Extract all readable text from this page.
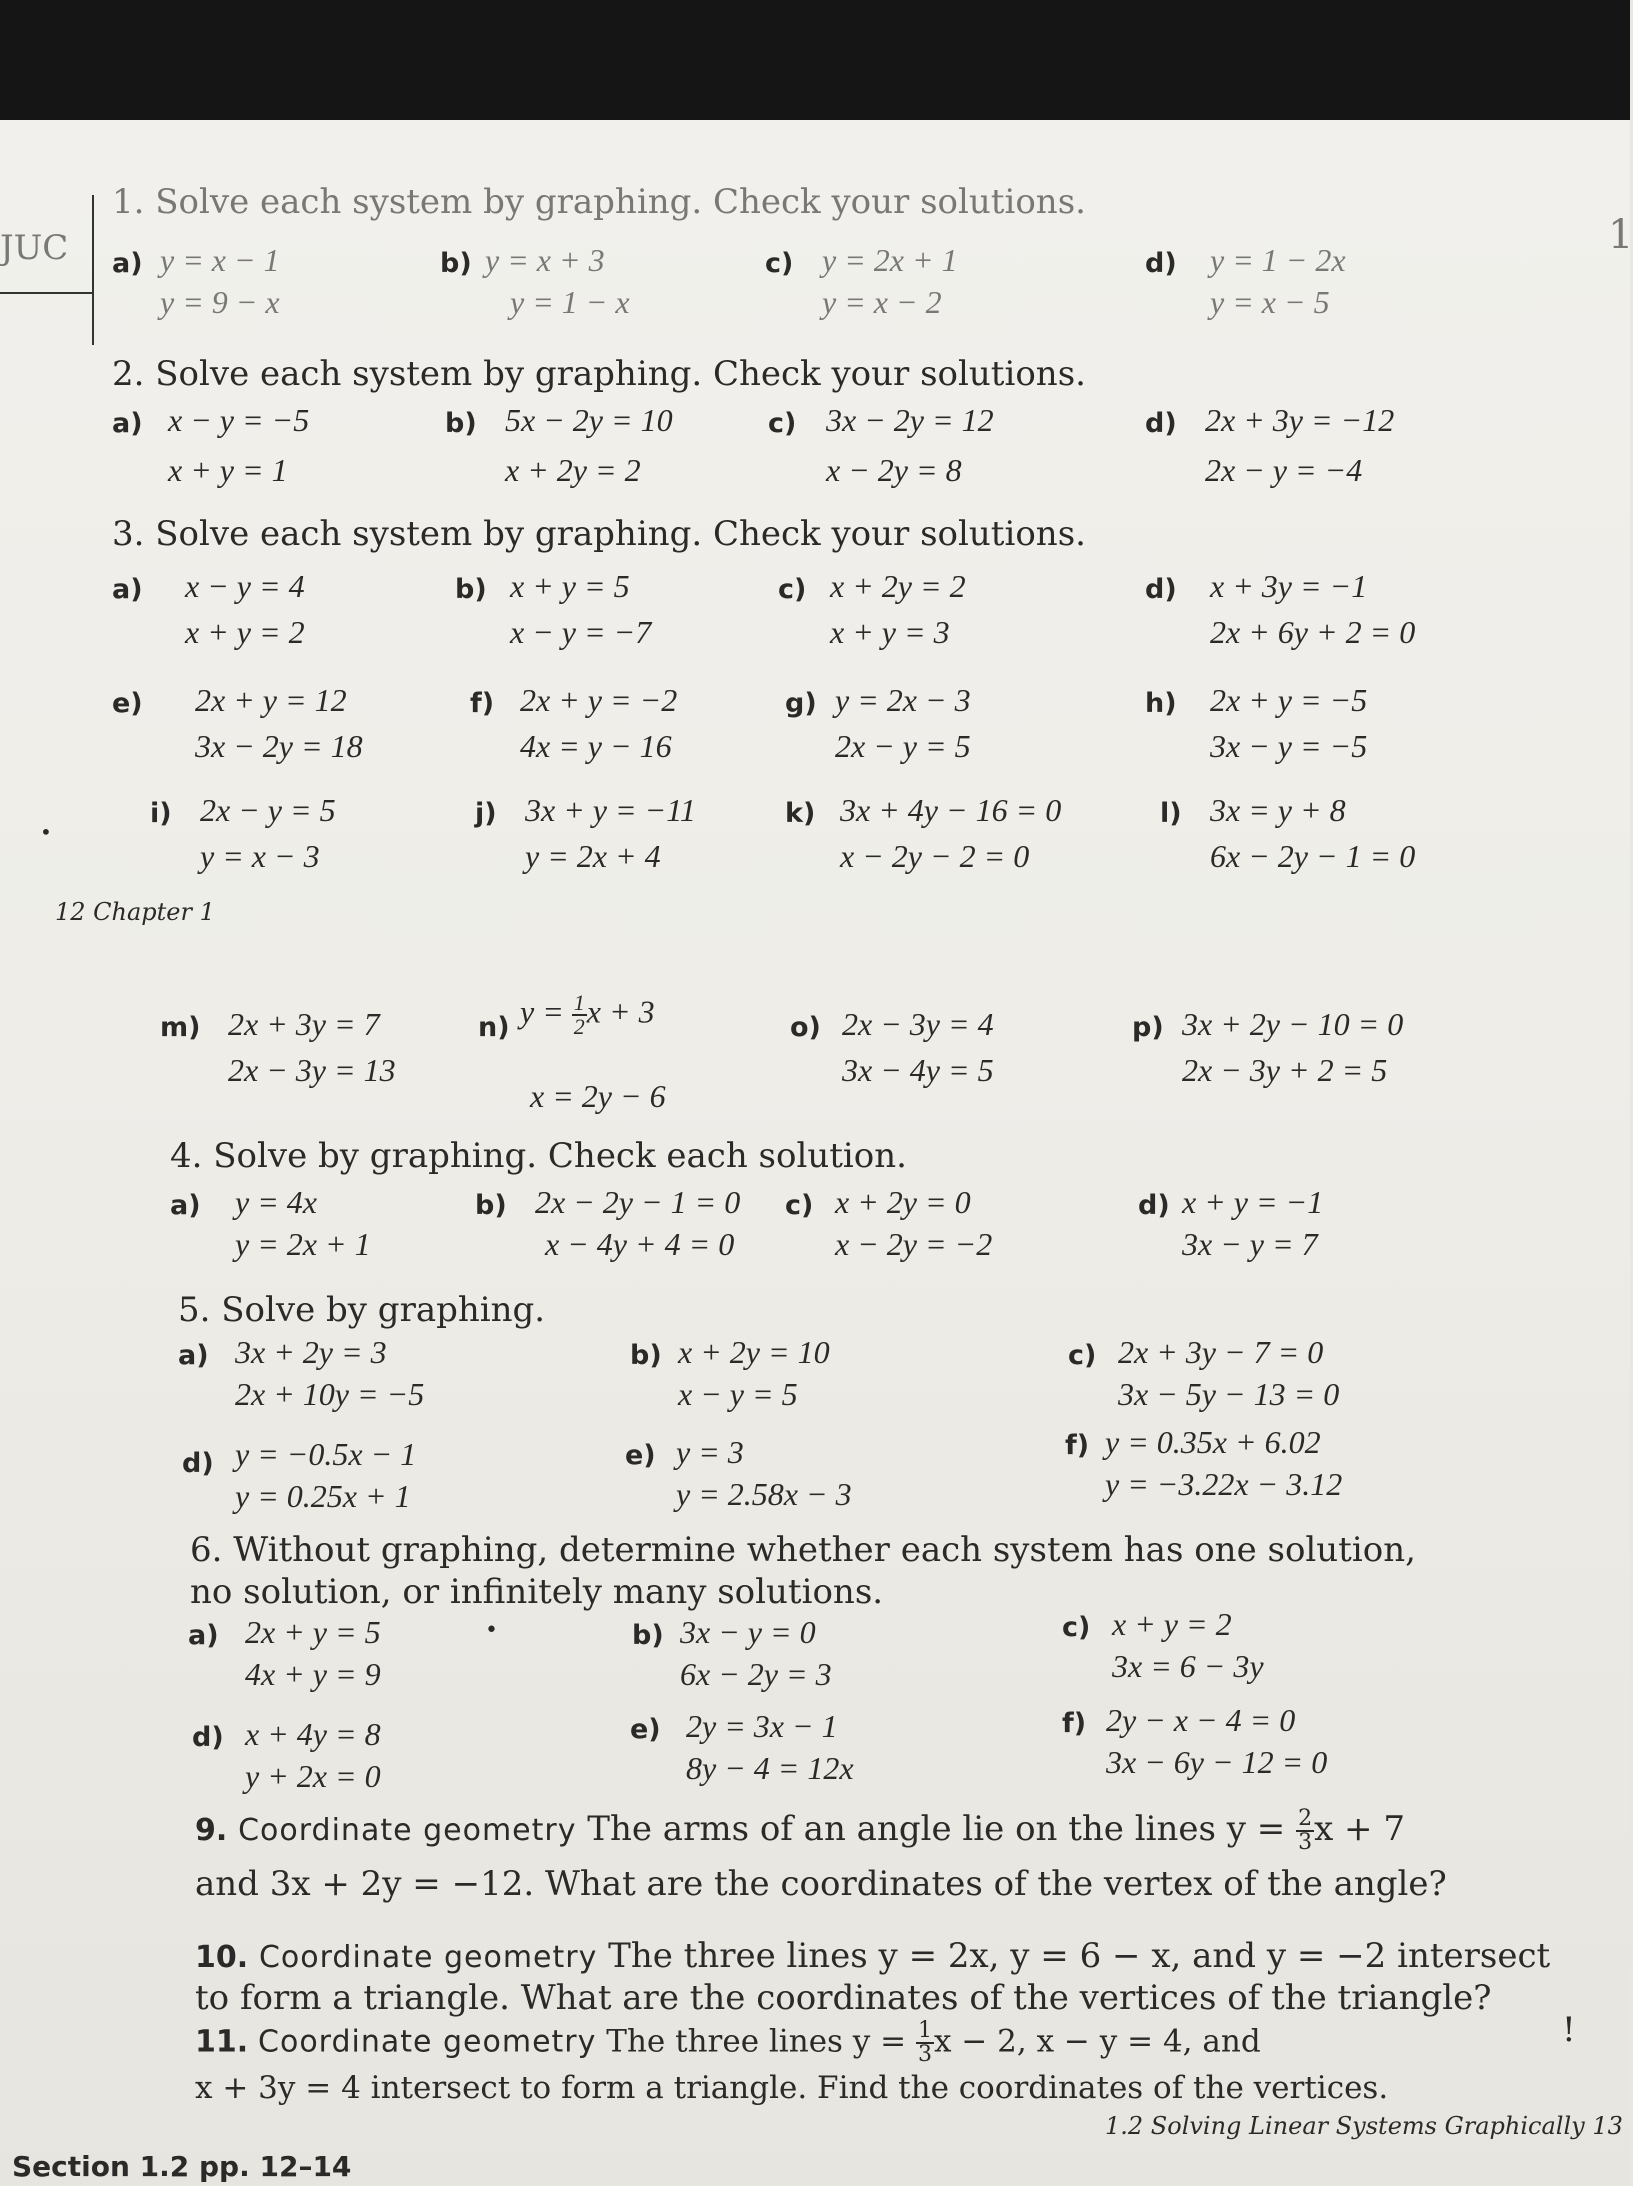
JUC	1
1. Solve each system by graphing. Check your solutions.
a) y = x − 1
y = 9 − x
b) y = x + 3
y = 1 − x
c) y = 2x + 1
y = x − 2
d) y = 1 − 2x
y = x − 5
2. Solve each system by graphing. Check your solutions.
a) x − y = −5
x + y = 1
b) 5x − 2y = 10
x + 2y = 2
c) 3x − 2y = 12
x − 2y = 8
d) 2x + 3y = −12
2x − y = −4
3. Solve each system by graphing. Check your solutions.
a) x − y = 4
x + y = 2
b) x + y = 5
x − y = −7
c) x + 2y = 2
x + y = 3
d) x + 3y = −1
2x + 6y + 2 = 0
e) 2x + y = 12
3x − 2y = 18
f) 2x + y = −2
4x = y − 16
g) y = 2x − 3
2x − y = 5
h) 2x + y = −5
3x − y = −5
i) 2x − y = 5
y = x − 3
j) 3x + y = −11
y = 2x + 4
k) 3x + 4y − 16 = 0
x − 2y − 2 = 0
l) 3x = y + 8
6x − 2y − 1 = 0
12 Chapter 1
•
m) 2x + 3y = 7
2x − 3y = 13
n) $y = \frac{1}{2}$ x + 3
x = 2y − 6
o) 2x − 3y = 4
3x − 4y = 5
p) 3x + 2y − 10 = 0
2x − 3y + 2 = 5
4. Solve by graphing. Check each solution.
a) y = 4x
y = 2x + 1
b) 2x − 2y − 1 = 0
x − 4y + 4 = 0
c) x + 2y = 0
x − 2y = −2
d) x + y = −1
3x − y = 7
5. Solve by graphing.
a) 3x + 2y = 3
2x + 10y = −5
b) x + 2y = 10
x − y = 5
c) 2x + 3y − 7 = 0
3x − 5y − 13 = 0
d) y = −0.5x − 1
y = 0.25x + 1
e) y = 3
y = 2.58x − 3
f) y = 0.35x + 6.02
y = −3.22x − 3.12
6. Without graphing, determine whether each system has one solution,
no solution, or infinitely many solutions.
a) 2x + y = 5
4x + y = 9
•	b) 3x − y = 0
6x − 2y = 3
c) x + y = 2
3x = 6 − 3y
d) x + 4y = 8
y + 2x = 0
e) 2y = 3x − 1
8y − 4 = 12x
f) 2y − x − 4 = 0
3x − 6y − 12 = 0
9. Coordinate geometry The arms of an angle lie on the lines $y = \frac{2}{3}$ x + 7
and 3x + 2y = −12. What are the coordinates of the vertex of the angle?
10. Coordinate geometry The three lines y = 2x, y = 6 − x, and y = −2 intersect
to form a triangle. What are the coordinates of the vertices of the triangle?
11. Coordinate geometry The three lines $y = \frac{1}{3}$ x − 2, x − y = 4, and
x + 3y = 4 intersect to form a triangle. Find the coordinates of the vertices.
!
1.2 Solving Linear Systems Graphically 13
Section 1.2 pp. 12–14
